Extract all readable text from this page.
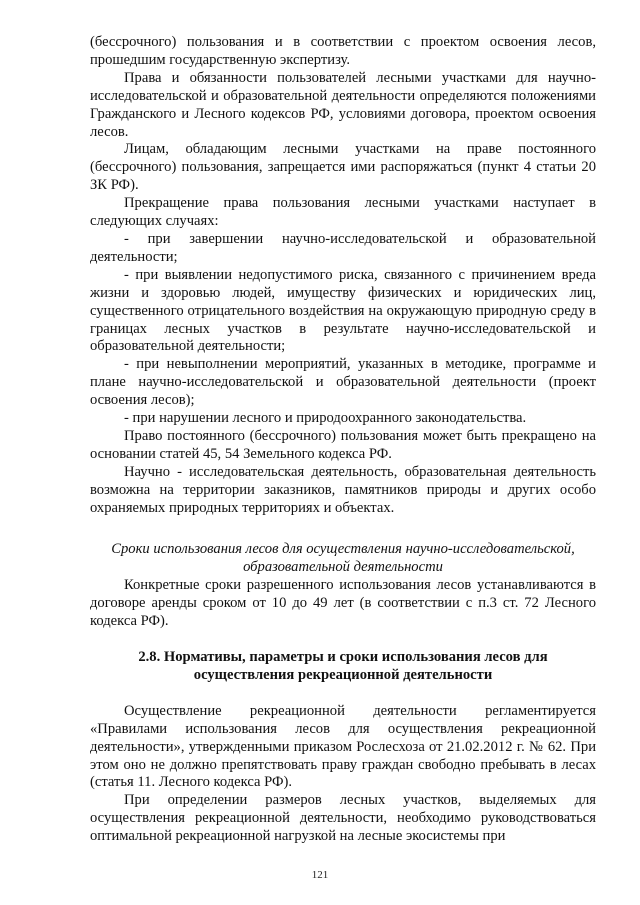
(бессрочного) пользования и в соответствии с проектом освоения лесов, прошедшим государственную экспертизу.

Права и обязанности пользователей лесными участками для научно-исследовательской и образовательной деятельности определяются положениями Гражданского и Лесного кодексов РФ, условиями договора, проектом освоения лесов.

Лицам, обладающим лесными участками на праве постоянного (бессрочного) пользования, запрещается ими распоряжаться (пункт 4 статьи 20 ЗК РФ).

Прекращение права пользования лесными участками наступает в следующих случаях:

- при завершении научно-исследовательской и образовательной деятельности;

- при выявлении недопустимого риска, связанного с причинением вреда жизни и здоровью людей, имуществу физических и юридических лиц, существенного отрицательного воздействия на окружающую природную среду в границах лесных участков в результате научно-исследовательской и образовательной деятельности;

- при невыполнении мероприятий, указанных в методике, программе и плане научно-исследовательской и образовательной деятельности (проект освоения лесов);

- при нарушении лесного и природоохранного законодательства.

Право постоянного (бессрочного) пользования может быть прекращено на основании статей 45, 54 Земельного кодекса РФ.

Научно - исследовательская деятельность, образовательная деятельность возможна на территории заказников, памятников природы и других особо охраняемых природных территориях и объектах.

Сроки использования лесов для осуществления научно-исследовательской, образовательной деятельности

Конкретные сроки разрешенного использования лесов устанавливаются в договоре аренды сроком от 10 до 49 лет (в соответствии с п.3 ст. 72 Лесного кодекса РФ).

2.8. Нормативы, параметры и сроки использования лесов для осуществления рекреационной деятельности

Осуществление рекреационной деятельности регламентируется «Правилами использования лесов для осуществления рекреационной деятельности», утвержденными приказом Рослесхоза от 21.02.2012 г. № 62. При этом оно не должно препятствовать праву граждан свободно пребывать в лесах (статья 11. Лесного кодекса РФ).

При определении размеров лесных участков, выделяемых для осуществления рекреационной деятельности, необходимо руководствоваться оптимальной рекреационной нагрузкой на лесные экосистемы при

121
